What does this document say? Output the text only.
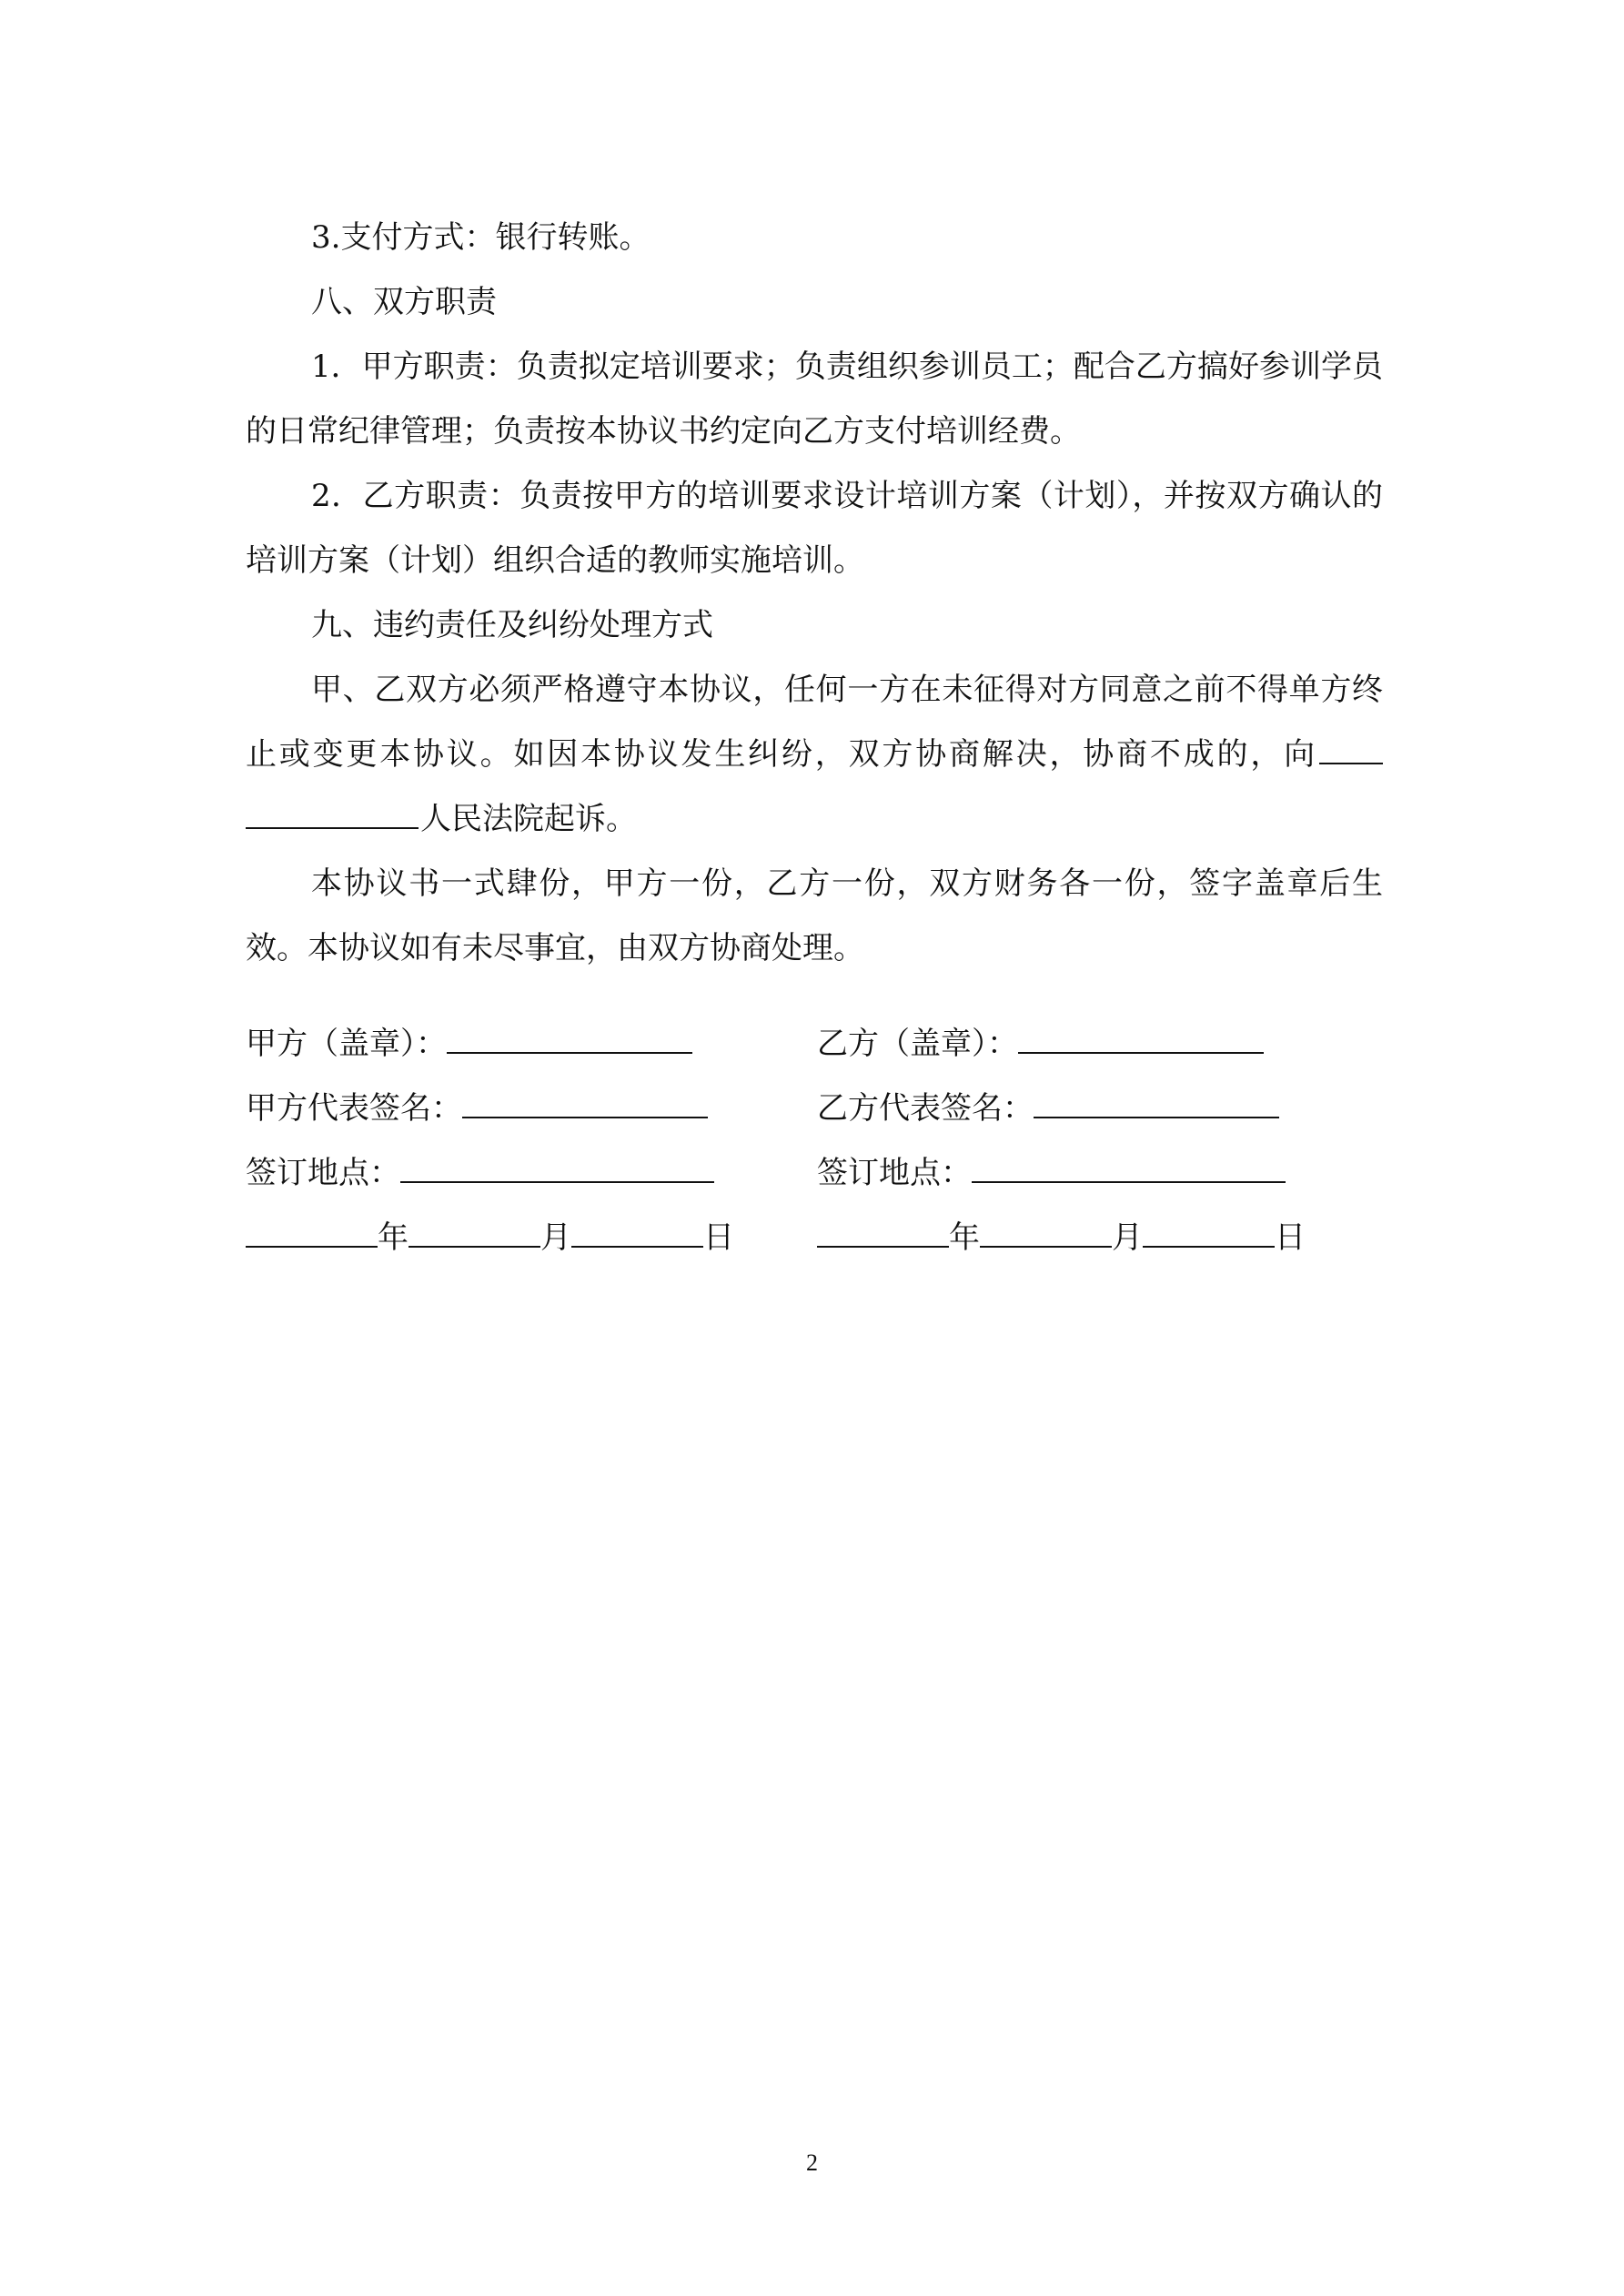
3.支付方式：银行转账。

八、双方职责

1．甲方职责：负责拟定培训要求；负责组织参训员工；配合乙方搞好参训学员的日常纪律管理；负责按本协议书约定向乙方支付培训经费。

2．乙方职责：负责按甲方的培训要求设计培训方案（计划），并按双方确认的培训方案（计划）组织合适的教师实施培训。

九、违约责任及纠纷处理方式

甲、乙双方必须严格遵守本协议，任何一方在未征得对方同意之前不得单方终止或变更本协议。如因本协议发生纠纷，双方协商解决，协商不成的，向人民法院起诉。

本协议书一式肆份，甲方一份，乙方一份，双方财务各一份，签字盖章后生效。本协议如有未尽事宜，由双方协商处理。

甲方（盖章）：	乙方（盖章）：
甲方代表签名：	乙方代表签名：
签订地点：	签订地点：
年	月	日	年	月	日
2
